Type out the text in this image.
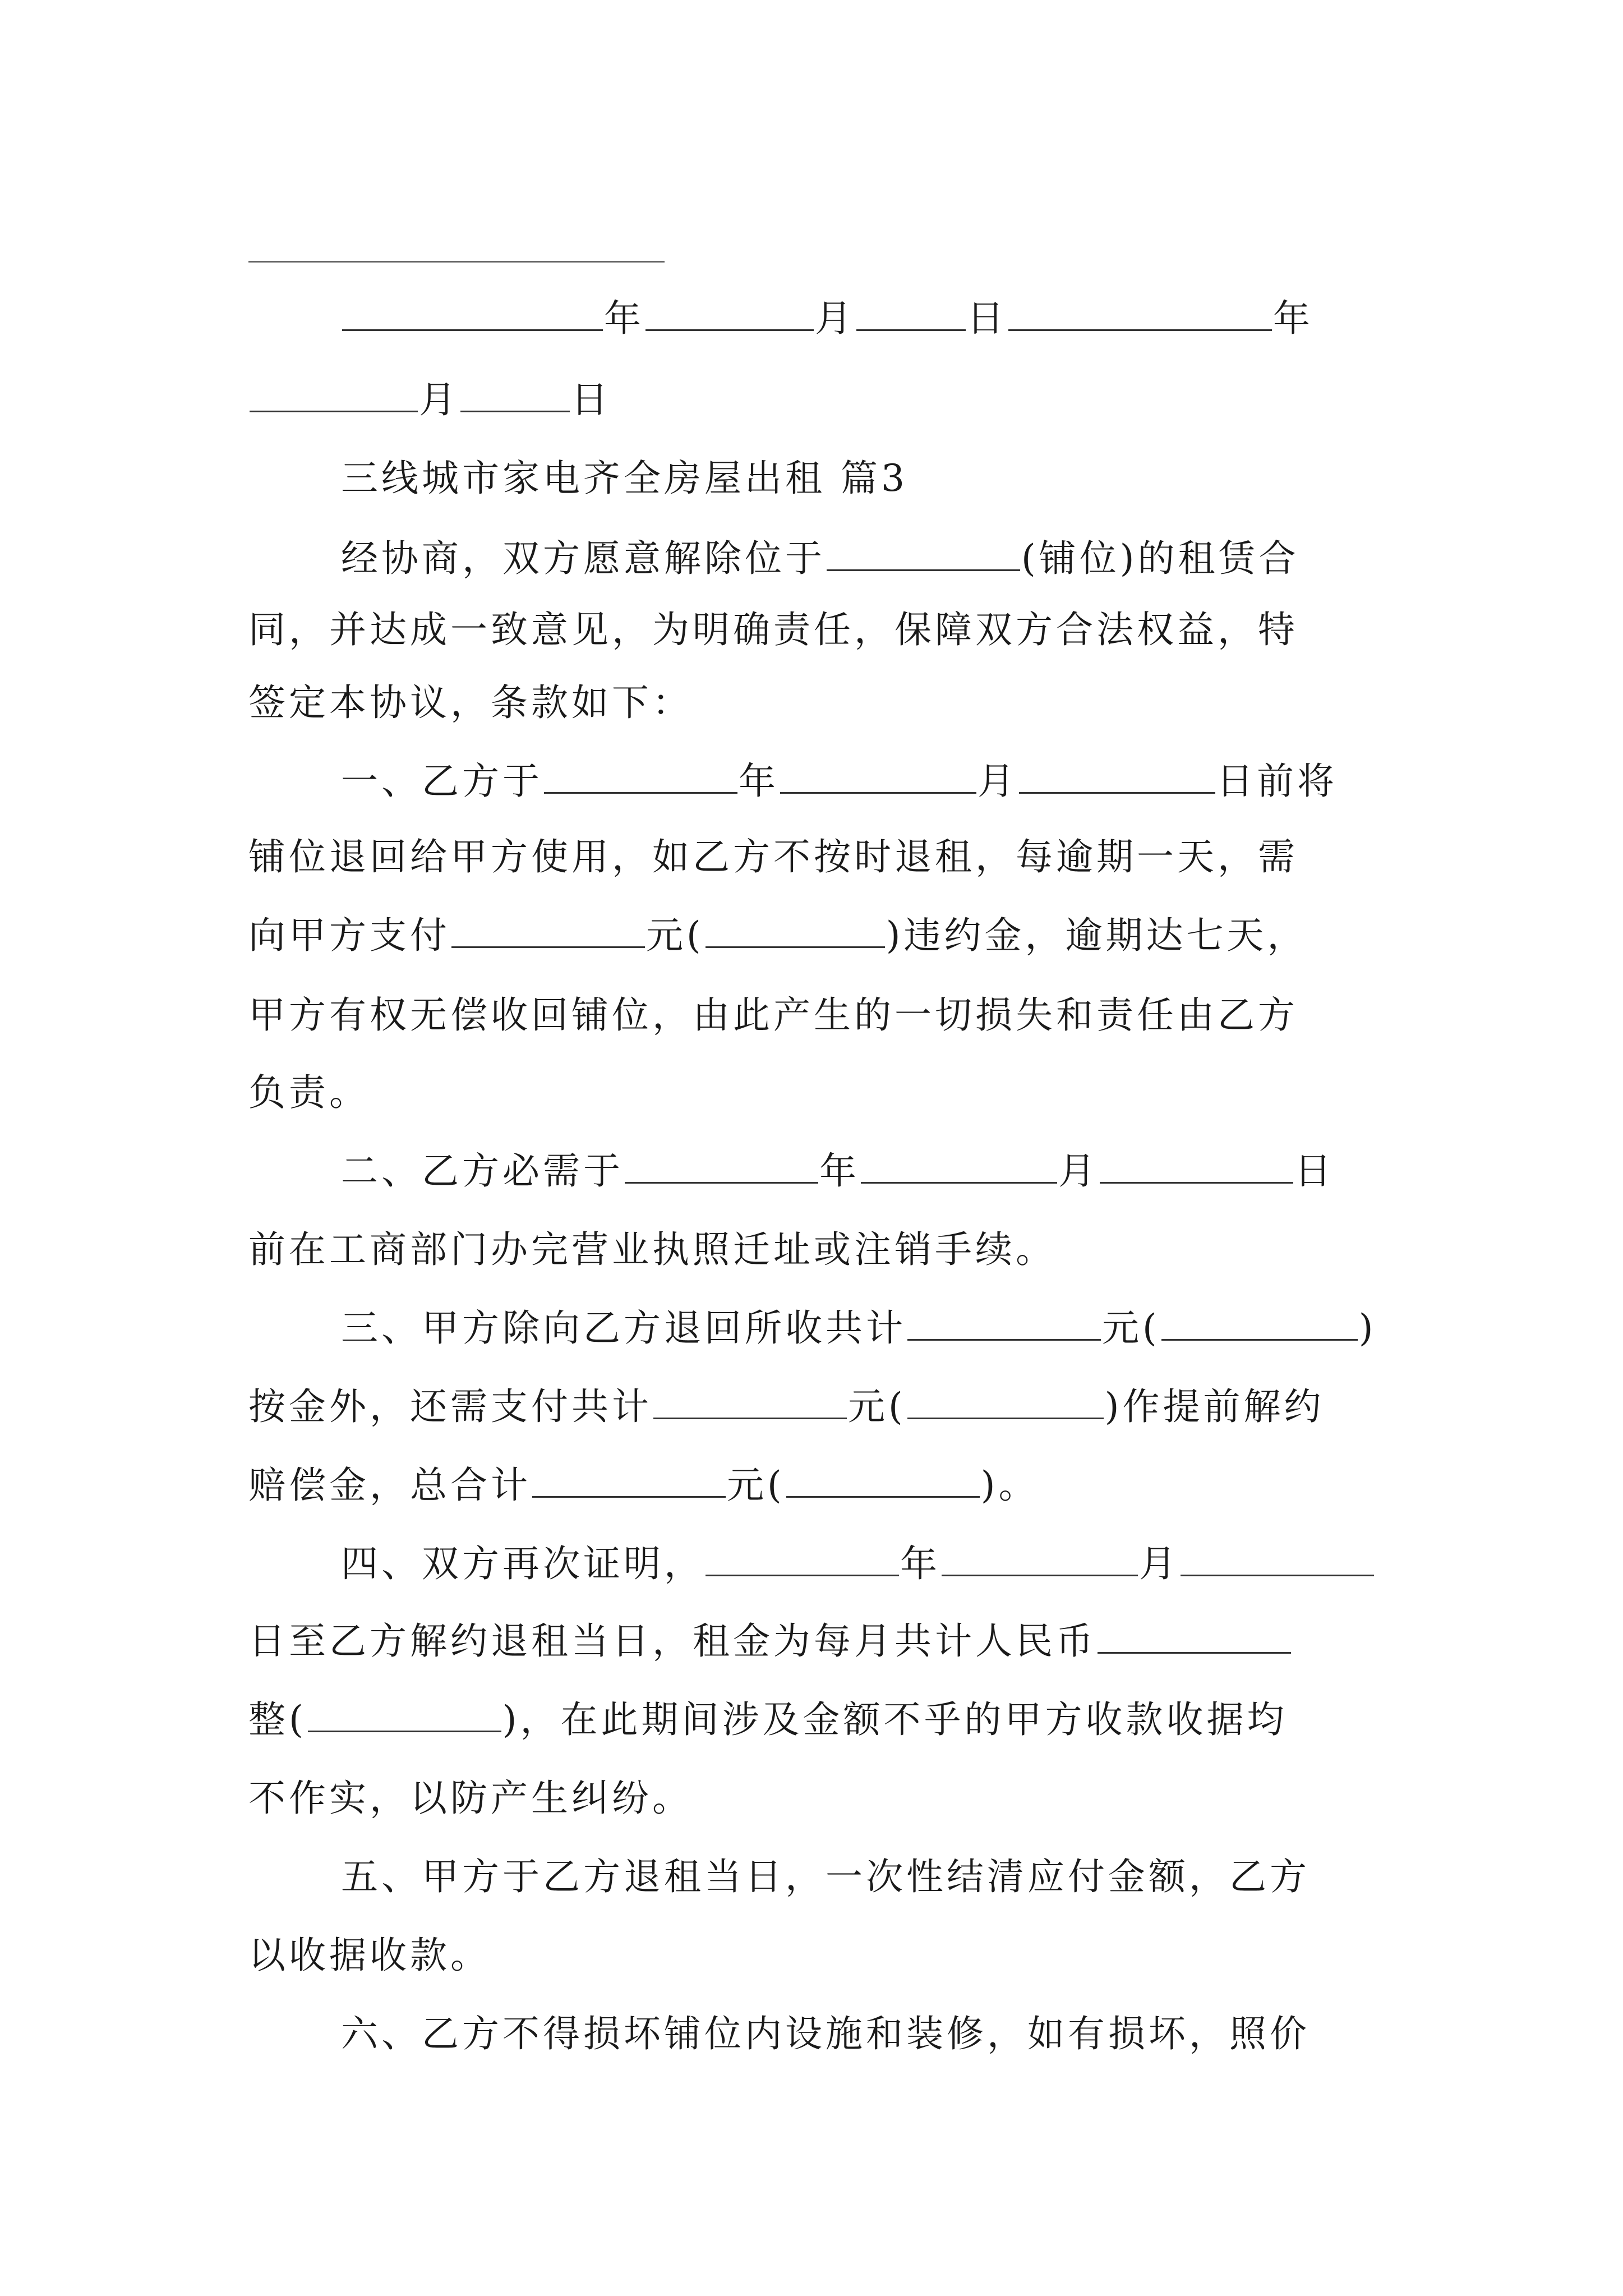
年	月	日	年
月	日
三线城市家电齐全房屋出租 篇3
经协商，双方愿意解除位于	(铺位)的租赁合
同，并达成一致意见，为明确责任，保障双方合法权益，特
签定本协议，条款如下：
一、乙方于	年	月	日前将
铺位退回给甲方使用，如乙方不按时退租，每逾期一天，需
向甲方支付	元(	)违约金，逾期达七天，
甲方有权无偿收回铺位，由此产生的一切损失和责任由乙方
负责。
二、乙方必需于	年	月	日
前在工商部门办完营业执照迁址或注销手续。
三、甲方除向乙方退回所收共计	元(	)
按金外，还需支付共计	元(	)作提前解约
赔偿金，总合计	元(	)。
四、双方再次证明，	年	月
日至乙方解约退租当日，租金为每月共计人民币
整(	)，在此期间涉及金额不乎的甲方收款收据均
不作实，以防产生纠纷。
五、甲方于乙方退租当日，一次性结清应付金额，乙方
以收据收款。
六、乙方不得损坏铺位内设施和装修，如有损坏，照价
